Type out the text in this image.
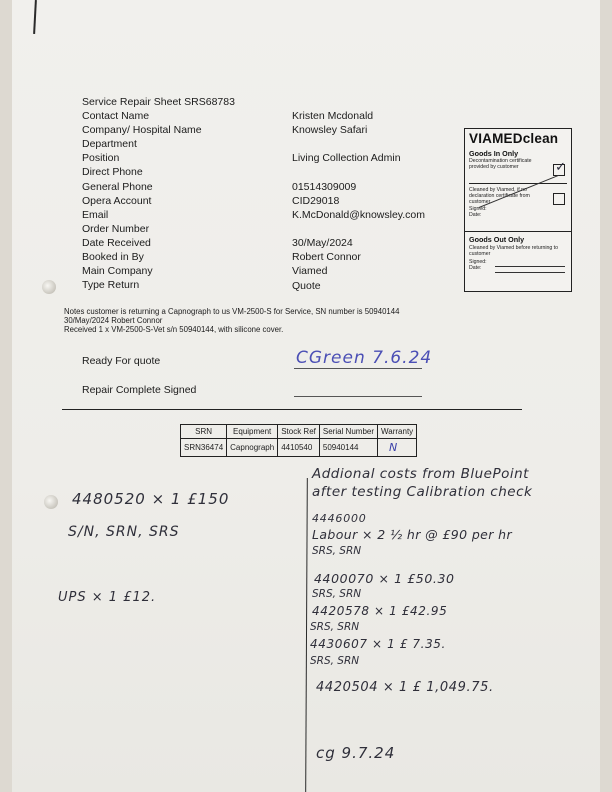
Service Repair Sheet SRS68783
Contact Name	Kristen Mcdonald
Company/ Hospital Name	Knowsley Safari
Department
Position	Living Collection Admin
Direct Phone
General Phone	01514309009
Opera Account	CID29018
Email	K.McDonald@knowsley.com
Order Number
Date Received	30/May/2024
Booked in By	Robert Connor
Main Company	Viamed
Type Return	Quote
VIAMEDclean
Goods In Only
Decontamination certificate provided by customer	✓
Cleaned by Viamed, if no declaration certificate from customer
Signed:
Date:
Goods Out Only
Cleaned by Viamed before returning to customer
Signed:
Date:
Notes customer is returning a Capnograph to us VM-2500-S for Service, SN number is 50940144
30/May/2024 Robert Connor
Received 1 x VM-2500-S-Vet s/n 50940144, with silicone cover.
Ready For quote	CGreen 7.6.24
Repair Complete Signed
SRN	Equipment	Stock Ref	Serial Number	Warranty
SRN36474	Capnograph	4410540	50940144	N
4480520 × 1 £150
S/N, SRN, SRS
UPS × 1 £12.
Addional costs from BluePoint
after testing Calibration check
4446000
Labour × 2 ½ hr @ £90 per hr
SRS, SRN
4400070 × 1 £50.30
SRS, SRN
4420578 × 1 £42.95
SRS, SRN
4430607 × 1 £ 7.35.
SRS, SRN
4420504 × 1 £ 1,049.75.
cg 9.7.24
